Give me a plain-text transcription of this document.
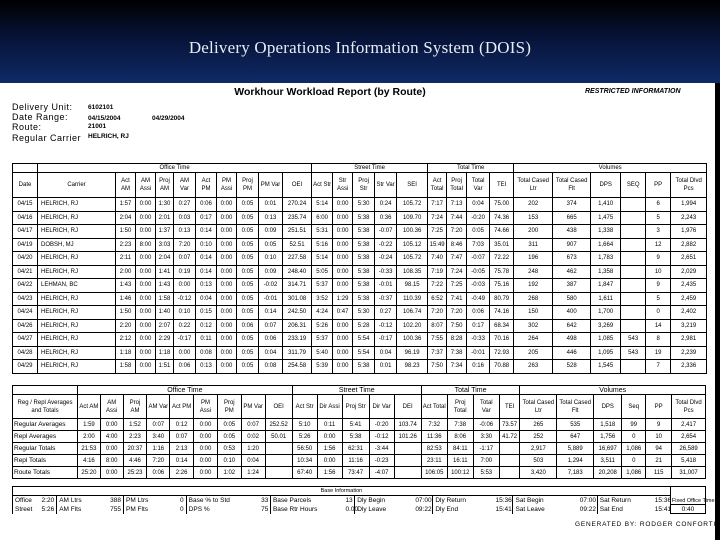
Delivery Operations Information System (DOIS)
Workhour Workload Report (by Route)	RESTRICTED INFORMATION
Delivery Unit: 6102101
Date Range:	04/15/2004	04/29/2004
Route:	21001
Regular Carrier HELRICH, RJ
	Office Time										Street Time					Total Time				Volumes					
Date	Carrier	Act AM	AM Assi	Proj AM	AM Var	Act PM	PM Assi	Proj PM	PM Var	OEI	Act Str	Str Assi	Proj Str	Str Var	SEI	Act Total	Proj Total	Total Var	TEI	Total Cased Ltr	Total Cased Flt	DPS	SEQ	PP	Total Dlvd Pcs
04/15	HELRICH, RJ	1:57	0:00	1:30	0:27	0:06	0:00	0:05	0:01	270.24	5:14	0:00	5:30	0:24	105.72	7:17	7:13	0:04	75.00	202	374	1,410		6	1,994
04/16	HELRICH, RJ	2:04	0:00	2:01	0:03	0:17	0:00	0:05	0:13	235.74	6:00	0:00	5:38	0:36	109.70	7:24	7:44	-0:20	74.36	153	665	1,475		5	2,243
04/17	HELRICH, RJ	1:50	0:00	1:37	0:13	0:14	0:00	0:05	0:09	251.51	5:31	0:00	5:38	-0:07	100.36	7:25	7:20	0:05	74.66	200	438	1,338		3	1,976
04/19	DOBSH, MJ	2:23	8:00	3:03	7:20	0:10	0:00	0:05	0:05	52.51	5:16	0:00	5:38	-0:22	105.12	15:49	8:46	7:03	35.01	311	907	1,664		12	2,882
04/20	HELRICH, RJ	2:11	0:00	2:04	0:07	0:14	0:00	0:05	0:10	227.58	5:14	0:00	5:38	-0:24	105.72	7:40	7:47	-0:07	72.22	196	673	1,783		9	2,651
04/21	HELRICH, RJ	2:00	0:00	1:41	0:19	0:14	0:00	0:05	0:09	248.40	5:05	0:00	5:38	-0:33	108.35	7:19	7:24	-0:05	75.78	248	462	1,358		10	2,029
04/22	LEHMAN, BC	1:43	0:00	1:43	0:00	0:13	0:00	0:05	-0:02	314.71	5:37	0:00	5:38	-0:01	98.15	7:22	7:25	-0:03	75.16	192	387	1,847		9	2,435
04/23	HELRICH, RJ	1:46	0:00	1:58	-0:12	0:04	0:00	0:05	-0:01	301.08	3:52	1:29	5:38	-0:37	110.39	6:52	7:41	-0:49	80.79	268	580	1,611		5	2,459
04/24	HELRICH, RJ	1:50	0:00	1:40	0:10	0:15	0:00	0:05	0:14	242.50	4:24	0:47	5:30	0:27	106.74	7:20	7:20	0:06	74.16	150	400	1,700		0	2,402
04/26	HELRICH, RJ	2:20	0:00	2:07	0:22	0:12	0:00	0:06	0:07	206.31	5:26	0:00	5:28	-0:12	102.20	8:07	7:50	0:17	68.34	302	642	3,269		14	3,219
04/27	HELRICH, RJ	2:12	0:00	2:29	-0:17	0:11	0:00	0:05	0:06	233.19	5:37	0:00	5:54	-0:17	100.36	7:55	8:28	-0:33	70.16	264	498	1,085	543	8	2,981
04/28	HELRICH, RJ	1:18	0:00	1:18	0:00	0:08	0:00	0:05	0:04	311.79	5:40	0:00	5:54	0:04	96.19	7:37	7:38	-0:01	72.93	205	446	1,095	543	19	2,239
04/29	HELRICH, RJ	1:58	0:00	1:51	0:06	0:13	0:00	0:05	0:08	254.58	5:39	0:00	5:38	0:01	98.23	7:50	7:34	0:16	70.88	263	528	1,545		7	2,336
	Office Time									Street Time					Total Time				Volumes					
Reg / Repl Averages and Totals	Act AM	AM Assi	Proj AM	AM Var	Act PM	PM Assi	Proj PM	PM Var	OEI	Act Str	Dir Assi	Proj Str	Dir Var	DEI	Act Total	Proj Total	Total Var	TEI	Total Cased Ltr	Total Cased Flt	DPS	Seq	PP	Total Dlvd Pcs
Regular Averages	1:59	0:00	1:52	0:07	0:12	0:00	0:05	0:07	252.52	5:10	0:11	5:41	-0:20	103.74	7:32	7:38	-0:06	73.57	265	535	1,518	99	9	2,417
Repl Averages	2:00	4:00	2:23	3:40	0:07	0:00	0:05	0:02	50.01	5:26	0:00	5:38	-0:12	101.26	11:36	8:06	3:30	41.72	252	647	1,756	0	10	2,654
Regular Totals	21:53	0:00	20:37	1:16	2:13	0:00	0:53	1:20		56:50	1:56	62:31	-3:44		82:53	84:11	-1:17		2,917	5,889	16,697	1,086	94	26,589
Repl Totals	4:16	8:00	4:46	7:20	0:14	0:00	0:10	0:04		10:34	0:00	11:16	-0:23		23:11	16:11	7:00		503	1,294	3,511	0	21	5,418
Route Totals	25:20	0:00	25:23	0:06	2:26	0:00	1:02	1:24		67:40	1:56	73:47	-4:07		106:05	100:12	5:53		3,420	7,183	20,208	1,086	115	31,007
Base Information																		Fixed Office Time
Office	2:20	AM Ltrs	388	PM Ltrs	0	Base % to Std	33	Base Parcels	13	Dly Begin	07:00	Dly Return	15:36	Sat Begin	07:00	Sat Return	15:36	
Street	5:26	AM Flts	755	PM Flts	0	DPS %	75	Base Rtr Hours	0.00	Dly Leave	09:22	Dly End	15:41	Sat Leave	09:22	Sat End	15:41	0:40
GENERATED BY: RODGER CONFORTI
